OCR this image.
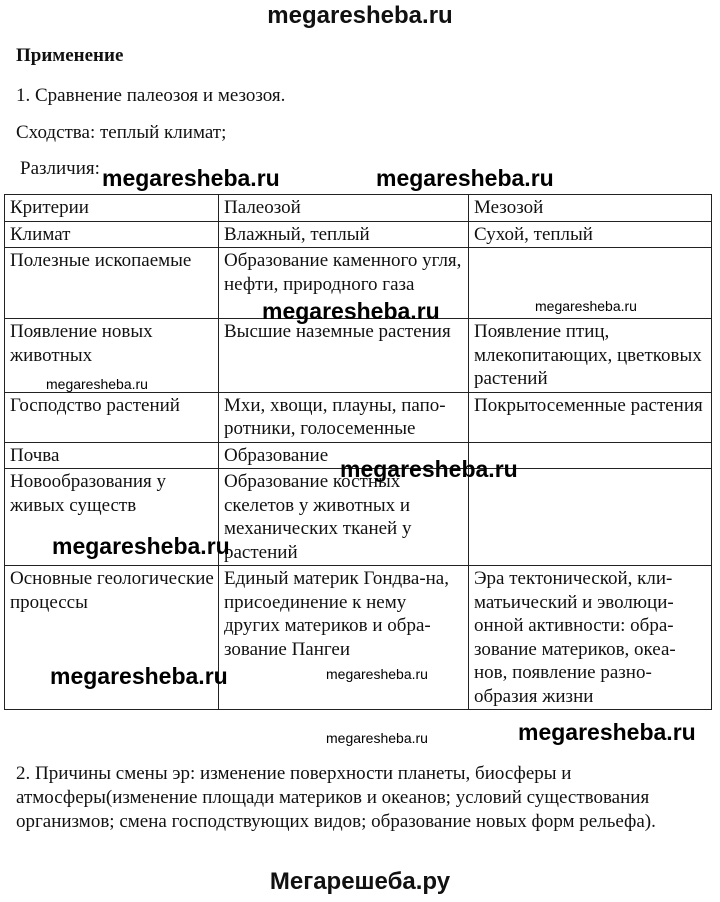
megaresheba.ru
Применение
1. Сравнение палеозоя и мезозоя.
Сходства: теплый климат;
Различия:
Критерии	Палеозой	Мезозой
Климат	Влажный, теплый	Сухой, теплый
Полезные ископаемые	Образование каменного угля, нефти, природного газа	
Появление новых животных	Высшие наземные растения	Появление птиц, млекопитающих, цветковых растений
Господство растений	Мхи, хвощи, плауны, папо-ротники, голосеменные	Покрытосеменные растения
Почва	Образование	
Новообразования у живых существ	Образование костных скелетов у животных и механических тканей у растений	
Основные геологические процессы	Единый материк Гондва-на, присоединение к нему других материков и обра-зование Пангеи	Эра тектонической, кли-матьический и эволюци-онной активности: обра-зование материков, океа-нов, появление разно-образия жизни
megaresheba.ru	megaresheba.ru
megaresheba.ru	megaresheba.ru
megaresheba.ru
megaresheba.ru
megaresheba.ru
megaresheba.ru	megaresheba.ru
megaresheba.ru	megaresheba.ru
2. Причины смены эр: изменение поверхности планеты, биосферы и атмосферы(изменение площади материков и океанов; условий существования организмов; смена господствующих видов; образование новых форм рельефа).
Мегарешеба.ру
